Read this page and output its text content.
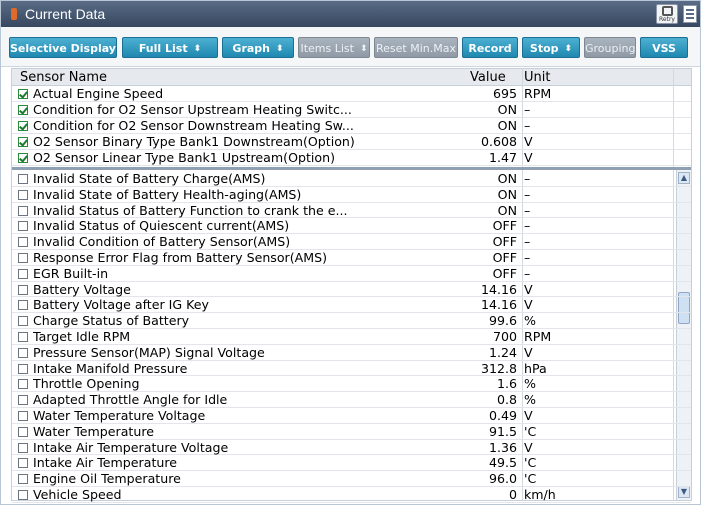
Current Data	Retry
Selective Display	Full List ⬍	Graph ⬍	Items List ⬍ Reset Min.Max	Record	Stop ⬍	Grouping	VSS
Sensor Name	Value Unit
▲
▼
Actual Engine Speed	695 RPM
Condition for O2 Sensor Upstream Heating Switc...	ON –
Condition for O2 Sensor Downstream Heating Sw...	ON –
O2 Sensor Binary Type Bank1 Downstream(Option)	0.608 V
O2 Sensor Linear Type Bank1 Upstream(Option)	1.47 V
Invalid State of Battery Charge(AMS)	ON –
Invalid State of Battery Health-aging(AMS)	ON –
Invalid Status of Battery Function to crank the e...	ON –
Invalid Status of Quiescent current(AMS)	OFF –
Invalid Condition of Battery Sensor(AMS)	OFF –
Response Error Flag from Battery Sensor(AMS)	OFF –
EGR Built-in	OFF –
Battery Voltage	14.16 V
Battery Voltage after IG Key	14.16 V
Charge Status of Battery	99.6 %
Target Idle RPM	700 RPM
Pressure Sensor(MAP) Signal Voltage	1.24 V
Intake Manifold Pressure	312.8 hPa
Throttle Opening	1.6 %
Adapted Throttle Angle for Idle	0.8 %
Water Temperature Voltage	0.49 V
Water Temperature	91.5 'C
Intake Air Temperature Voltage	1.36 V
Intake Air Temperature	49.5 'C
Engine Oil Temperature	96.0 'C
Vehicle Speed	0 km/h
